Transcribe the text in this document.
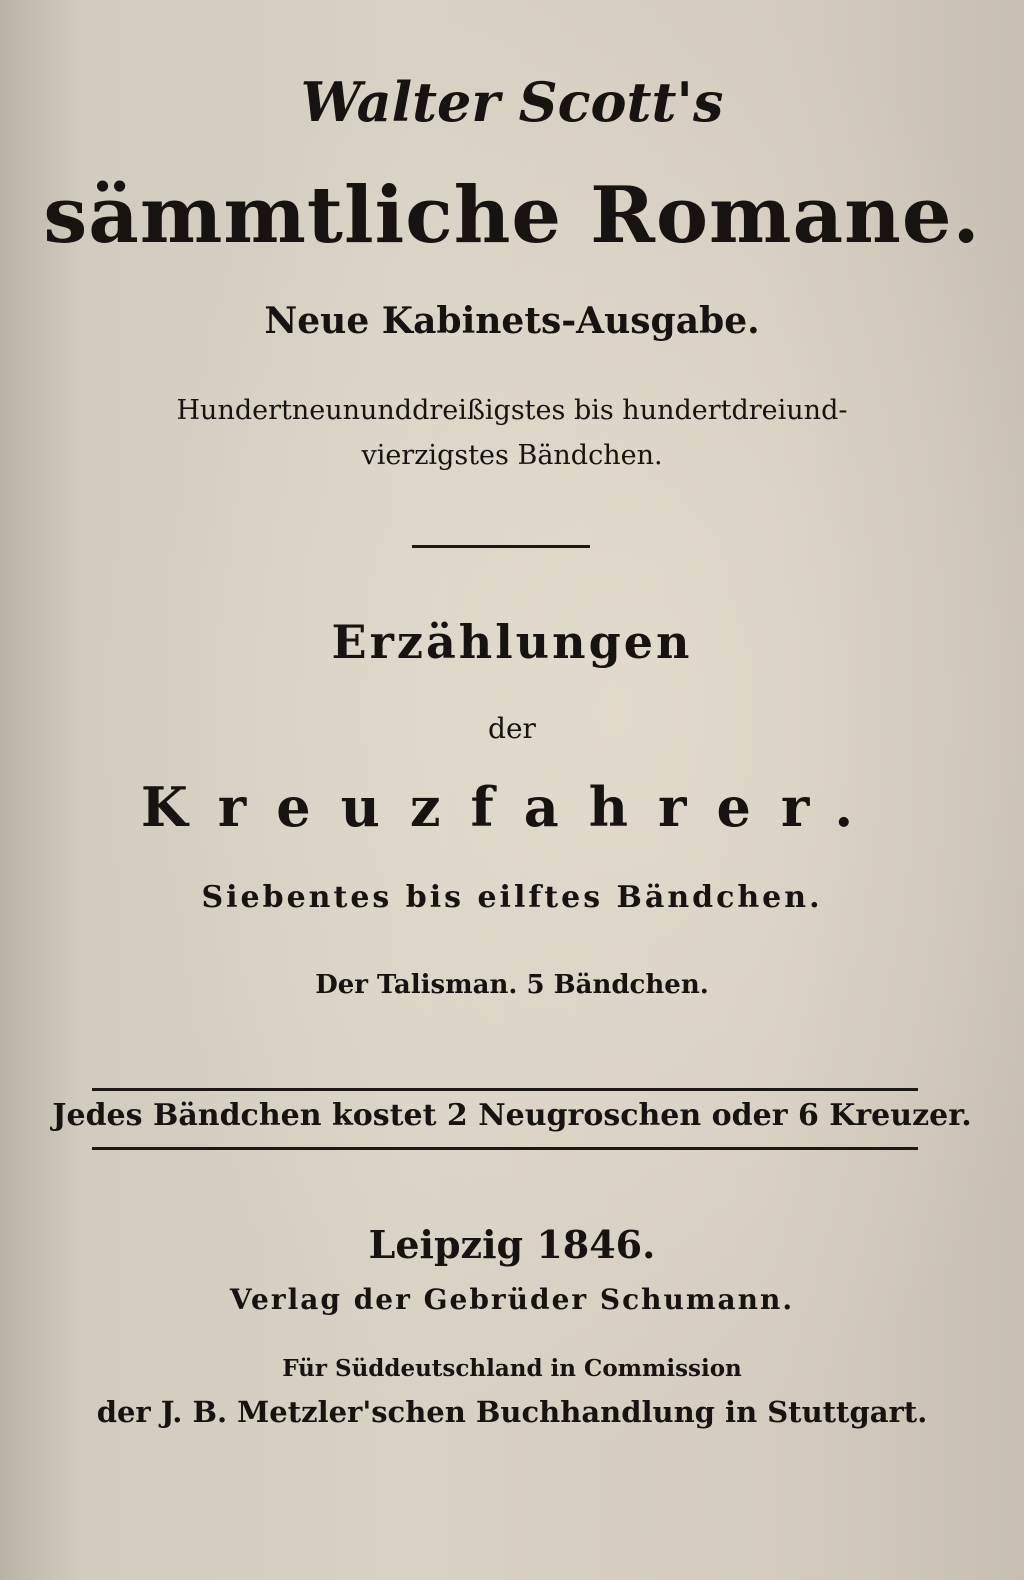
Walter Scott's
sämmtliche Romane.
Neue Kabinets-Ausgabe.
Hundertneununddreißigstes bis hundertdreiund-
vierzigstes Bändchen.
Erzählungen
der
Kreuzfahrer.
Siebentes bis eilftes Bändchen.
Der Talisman. 5 Bändchen.
Jedes Bändchen kostet 2 Neugroschen oder 6 Kreuzer.
Leipzig 1846.
Verlag der Gebrüder Schumann.
Für Süddeutschland in Commission
der J. B. Metzler'schen Buchhandlung in Stuttgart.
